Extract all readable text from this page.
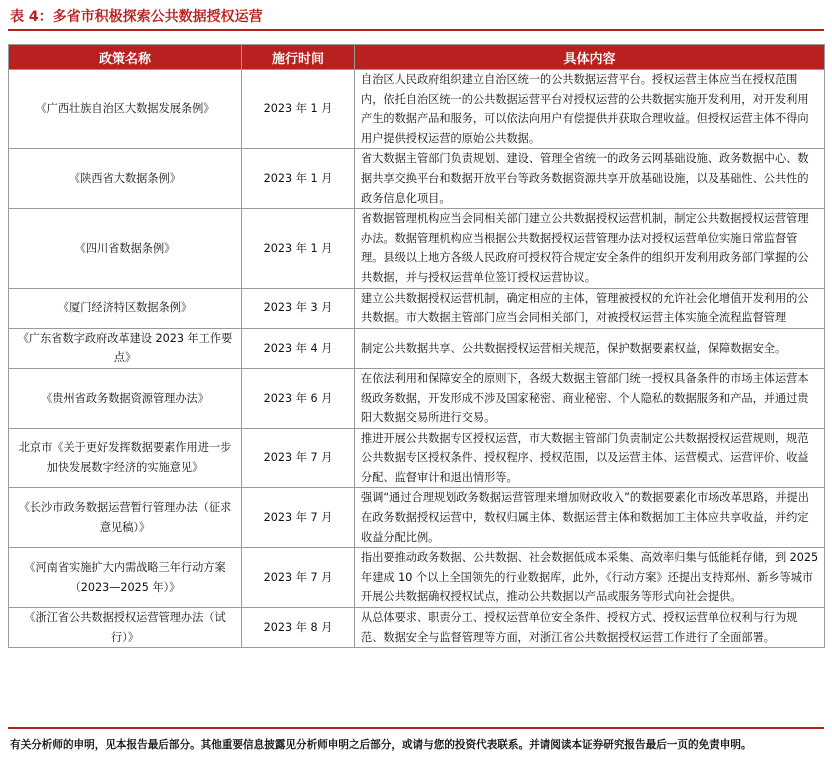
表 4：多省市积极探索公共数据授权运营
政策名称	施行时间	具体内容
《广西壮族自治区大数据发展条例》	2023 年 1 月	自治区人民政府组织建立自治区统一的公共数据运营平台。授权运营主体应当在授权范围内，依托自治区统一的公共数据运营平台对授权运营的公共数据实施开发利用，对开发利用产生的数据产品和服务，可以依法向用户有偿提供并获取合理收益。但授权运营主体不得向用户提供授权运营的原始公共数据。
《陕西省大数据条例》	2023 年 1 月	省大数据主管部门负责规划、建设、管理全省统一的政务云网基础设施、政务数据中心、数据共享交换平台和数据开放平台等政务数据资源共享开放基础设施，以及基础性、公共性的政务信息化项目。
《四川省数据条例》	2023 年 1 月	省数据管理机构应当会同相关部门建立公共数据授权运营机制，制定公共数据授权运营管理办法。数据管理机构应当根据公共数据授权运营管理办法对授权运营单位实施日常监督管理。县级以上地方各级人民政府可授权符合规定安全条件的组织开发利用政务部门掌握的公共数据，并与授权运营单位签订授权运营协议。
《厦门经济特区数据条例》	2023 年 3 月	建立公共数据授权运营机制，确定相应的主体，管理被授权的允许社会化增值开发利用的公共数据。市大数据主管部门应当会同相关部门，对被授权运营主体实施全流程监督管理
《广东省数字政府改革建设 2023 年工作要点》	2023 年 4 月	制定公共数据共享、公共数据授权运营相关规范，保护数据要素权益，保障数据安全。
《贵州省政务数据资源管理办法》	2023 年 6 月	在依法利用和保障安全的原则下，各级大数据主管部门统一授权具备条件的市场主体运营本级政务数据，开发形成不涉及国家秘密、商业秘密、个人隐私的数据服务和产品，并通过贵阳大数据交易所进行交易。
北京市《关于更好发挥数据要素作用进一步加快发展数字经济的实施意见》	2023 年 7 月	推进开展公共数据专区授权运营，市大数据主管部门负责制定公共数据授权运营规则，规范公共数据专区授权条件、授权程序、授权范围，以及运营主体、运营模式、运营评价、收益分配、监督审计和退出情形等。
《长沙市政务数据运营暂行管理办法（征求意见稿）》	2023 年 7 月	强调“通过合理规划政务数据运营管理来增加财政收入”的数据要素化市场改革思路，并提出在政务数据授权运营中，数权归属主体、数据运营主体和数据加工主体应共享收益，并约定收益分配比例。
《河南省实施扩大内需战略三年行动方案（2023—2025 年）》	2023 年 7 月	指出要推动政务数据、公共数据、社会数据低成本采集、高效率归集与低能耗存储，到 2025 年建成 10 个以上全国领先的行业数据库，此外，《行动方案》还提出支持郑州、新乡等城市开展公共数据确权授权试点，推动公共数据以产品或服务等形式向社会提供。
《浙江省公共数据授权运营管理办法（试行）》	2023 年 8 月	从总体要求、职责分工、授权运营单位安全条件、授权方式、授权运营单位权利与行为规范、数据安全与监督管理等方面，对浙江省公共数据授权运营工作进行了全面部署。
有关分析师的申明，见本报告最后部分。其他重要信息披露见分析师申明之后部分，或请与您的投资代表联系。并请阅读本证券研究报告最后一页的免责申明。
